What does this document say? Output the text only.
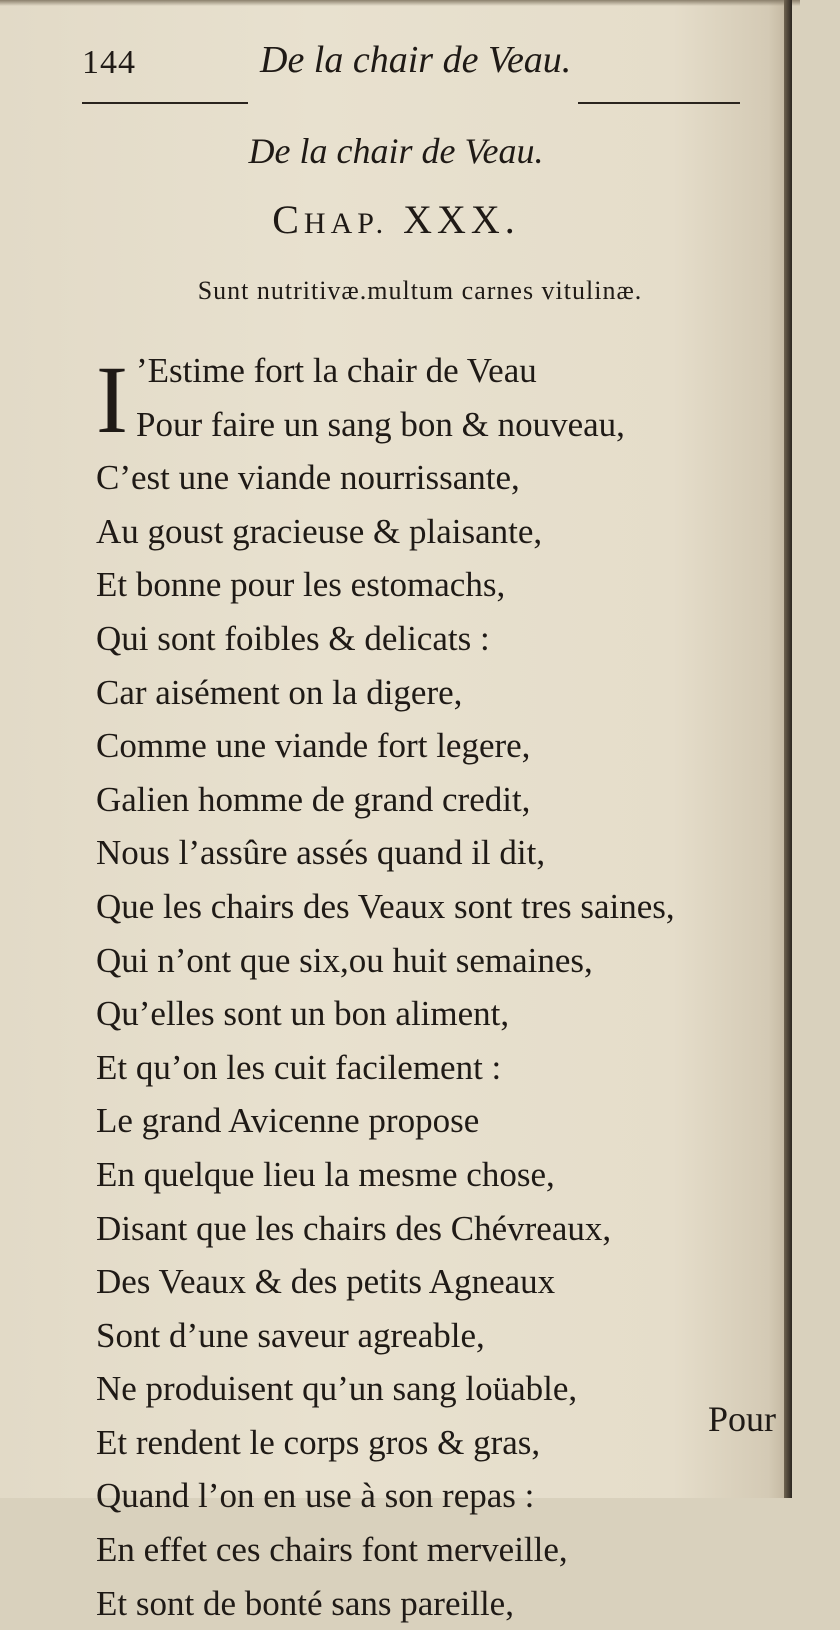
144	De la chair de Veau.
De la chair de Veau.
CHAP. XXX.
Sunt nutritivæ.multum carnes vitulinæ.
I ’Estime fort la chair de Veau
Pour faire un sang bon & nouveau,
C’est une viande nourrissante,
Au goust gracieuse & plaisante,
Et bonne pour les estomachs,
Qui sont foibles & delicats :
Car aisément on la digere,
Comme une viande fort legere,
Galien homme de grand credit,
Nous l’assûre assés quand il dit,
Que les chairs des Veaux sont tres saines,
Qui n’ont que six,ou huit semaines,
Qu’elles sont un bon aliment,
Et qu’on les cuit facilement :
Le grand Avicenne propose
En quelque lieu la mesme chose,
Disant que les chairs des Chévreaux,
Des Veaux & des petits Agneaux
Sont d’une saveur agreable,
Ne produisent qu’un sang loüable,
Et rendent le corps gros & gras,
Quand l’on en use à son repas :
En effet ces chairs font merveille,
Et sont de bonté sans pareille,
Pour
